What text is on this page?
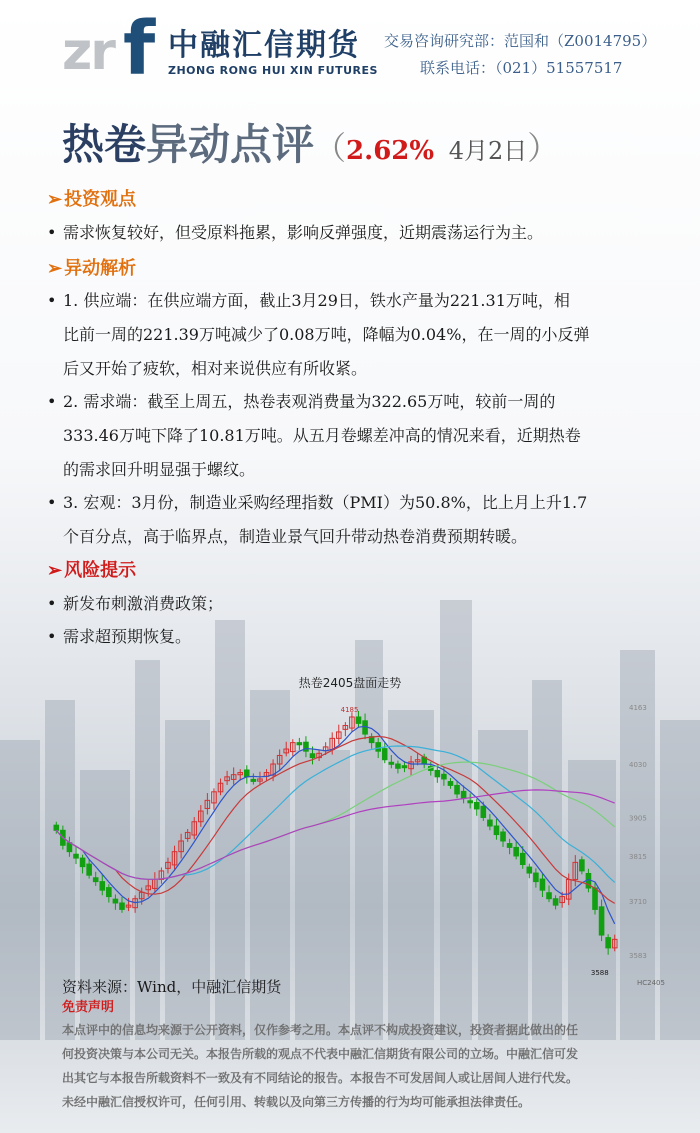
zr f 中融汇信期货
ZHONG RONG HUI XIN FUTURES
交易咨询研究部：范国和（Z0014795）
联系电话：（021）51557517
热卷异动点评（2.62% 4月2日）
➢ 投资观点
• 需求恢复较好，但受原料拖累，影响反弹强度，近期震荡运行为主。
➢ 异动解析
• 1. 供应端：在供应端方面，截止3月29日，铁水产量为221.31万吨，相
比前一周的221.39万吨减少了0.08万吨，降幅为0.04%，在一周的小反弹
后又开始了疲软，相对来说供应有所收紧。
• 2. 需求端：截至上周五，热卷表观消费量为322.65万吨，较前一周的
333.46万吨下降了10.81万吨。从五月卷螺差冲高的情况来看，近期热卷
的需求回升明显强于螺纹。
• 3. 宏观：3月份，制造业采购经理指数（PMI）为50.8%，比上月上升1.7
个百分点，高于临界点，制造业景气回升带动热卷消费预期转暖。
➢ 风险提示
• 新发布刺激消费政策；
• 需求超预期恢复。
热卷2405盘面走势
4163
4030
3905
3815
3710
3583
4185
3588
HC2405
资料来源：Wind，中融汇信期货
免责声明
本点评中的信息均来源于公开资料，仅作参考之用。本点评不构成投资建议，投资者据此做出的任
何投资决策与本公司无关。本报告所载的观点不代表中融汇信期货有限公司的立场。中融汇信可发
出其它与本报告所载资料不一致及有不同结论的报告。本报告不可发居间人或让居间人进行代发。
未经中融汇信授权许可，任何引用、转载以及向第三方传播的行为均可能承担法律责任。
